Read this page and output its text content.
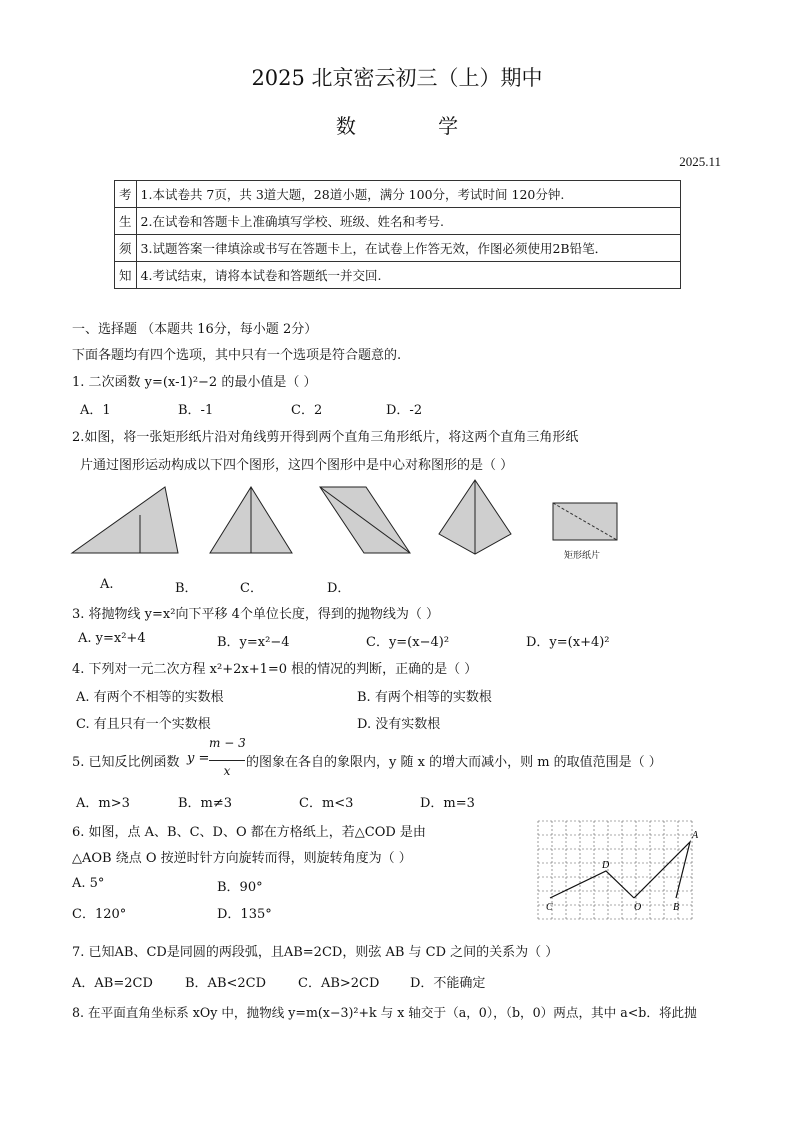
2025 北京密云初三（上）期中
数 学
2025.11
考	1.本试卷共 7页，共 3道大题，28道小题，满分 100分，考试时间 120分钟.
生	2.在试卷和答题卡上准确填写学校、班级、姓名和考号.
须	3.试题答案一律填涂或书写在答题卡上，在试卷上作答无效，作图必须使用2B铅笔．
知	4.考试结束，请将本试卷和答题纸一并交回.
一、选择题 （本题共 16分，每小题 2分）
下面各题均有四个选项，其中只有一个选项是符合题意的.
1. 二次函数 y=(x-1)²−2 的最小值是（ ）
A．1	B．-1	C．2	D．-2
2.如图，将一张矩形纸片沿对角线剪开得到两个直角三角形纸片，将这两个直角三角形纸
片通过图形运动构成以下四个图形，这四个图形中是中心对称图形的是（ ）
矩形纸片
A.	B．	C．	D．
3. 将抛物线 y=x²向下平移 4个单位长度，得到的抛物线为（ ）
A. y=x²+4	B．y=x²−4	C．y=(x−4)²	D．y=(x+4)²
4. 下列对一元二次方程 x²+2x+1=0 根的情况的判断，正确的是（ ）
A. 有两个不相等的实数根	B. 有两个相等的实数根
C. 有且只有一个实数根	D. 没有实数根
5. 已知反比例函数 y =
m − 3
x
的图象在各自的象限内，y 随 x 的增大而减小，则 m 的取值范围是（ ）
A．m>3	B．m≠3	C．m<3	D．m=3
6. 如图，点 A、B、C、D、O 都在方格纸上，若△COD 是由
△AOB 绕点 O 按逆时针方向旋转而得，则旋转角度为（ ）
A. 5°	B．90°
C．120°	D．135°
A
B
C
D
O
7. 已知AB、CD是同圆的两段弧，且AB=2CD，则弦 AB 与 CD 之间的关系为（ ）
A．AB=2CD B．AB<2CD C．AB>2CD D．不能确定
8. 在平面直角坐标系 xOy 中，抛物线 y=m(x−3)²+k 与 x 轴交于（a，0），（b，0）两点，其中 a<b．将此抛
